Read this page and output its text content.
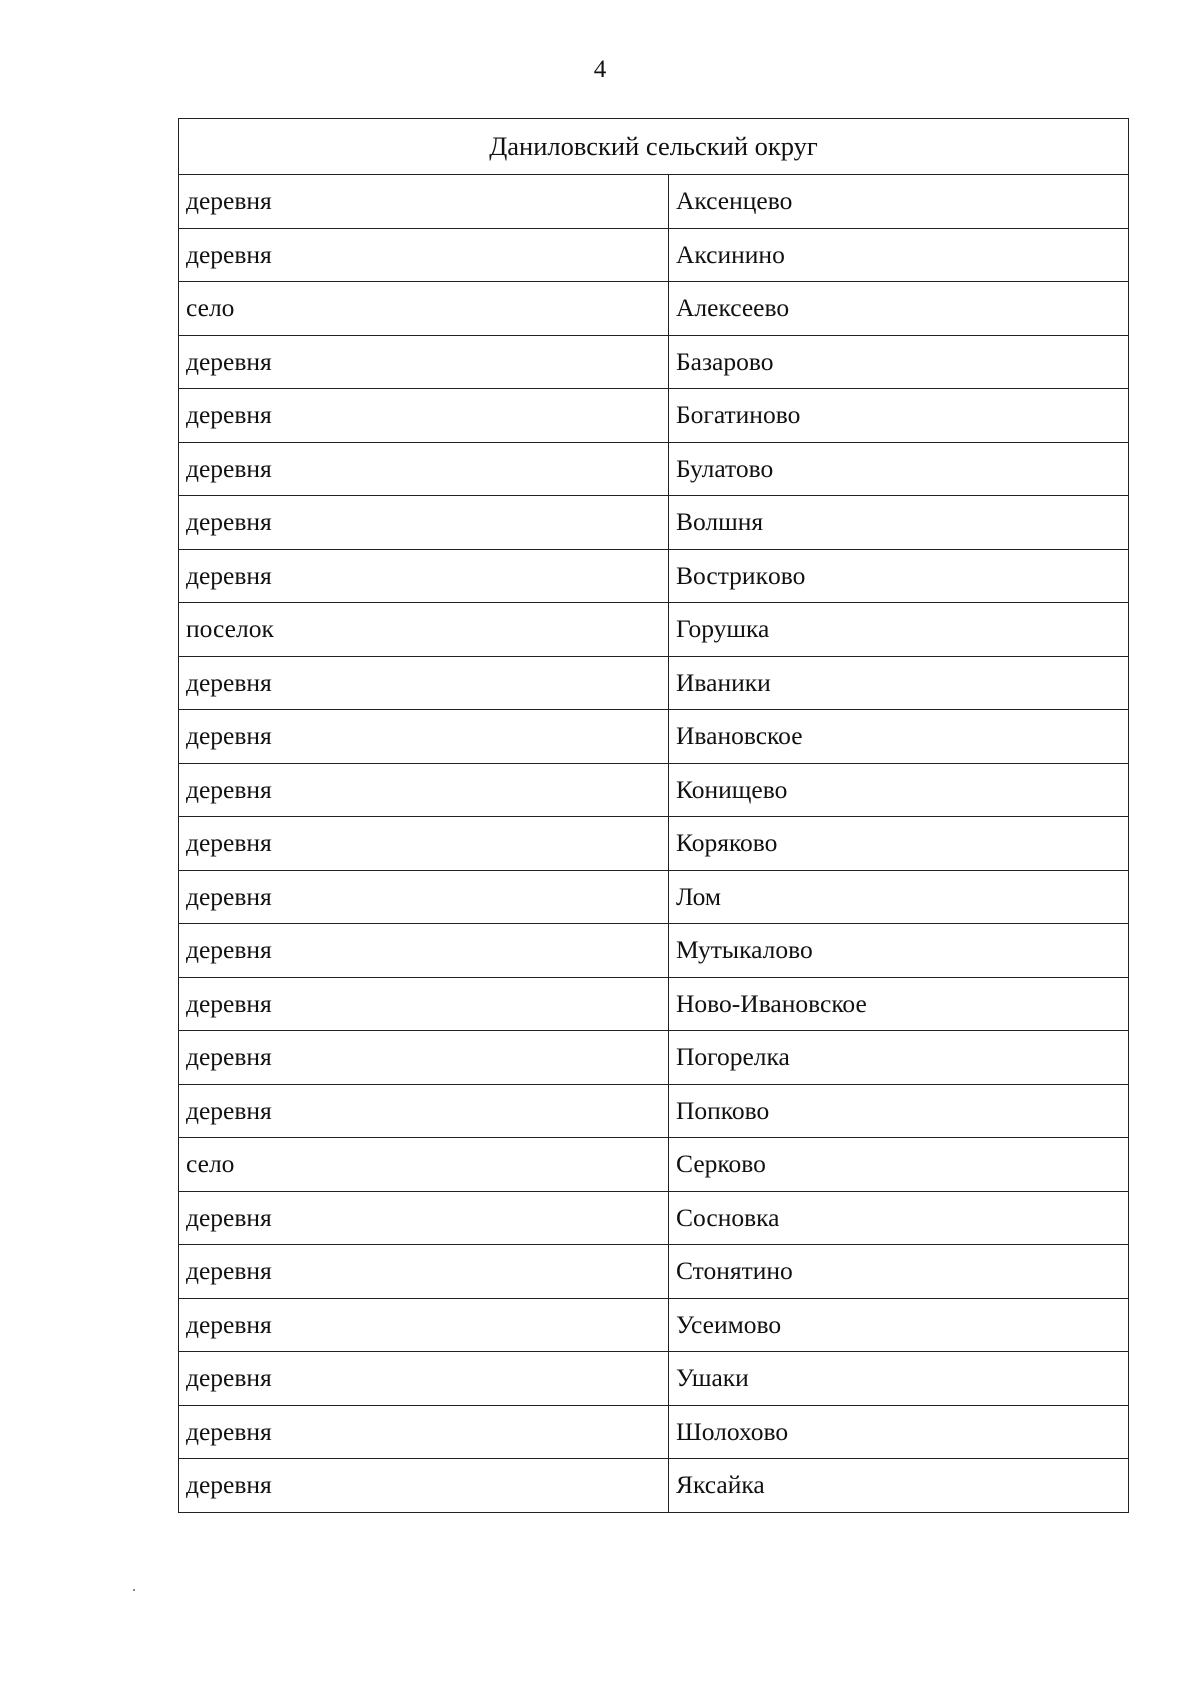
4
Даниловский сельский округ	
деревня	Аксенцево
деревня	Аксинино
село	Алексеево
деревня	Базарово
деревня	Богатиново
деревня	Булатово
деревня	Волшня
деревня	Вострикoво
поселок	Горушка
деревня	Иваники
деревня	Ивановское
деревня	Конищево
деревня	Коряково
деревня	Лом
деревня	Мутыкалово
деревня	Ново-Ивановское
деревня	Погорелка
деревня	Попково
село	Серково
деревня	Сосновка
деревня	Стонятино
деревня	Усеимово
деревня	Ушаки
деревня	Шолохово
деревня	Яксайка
